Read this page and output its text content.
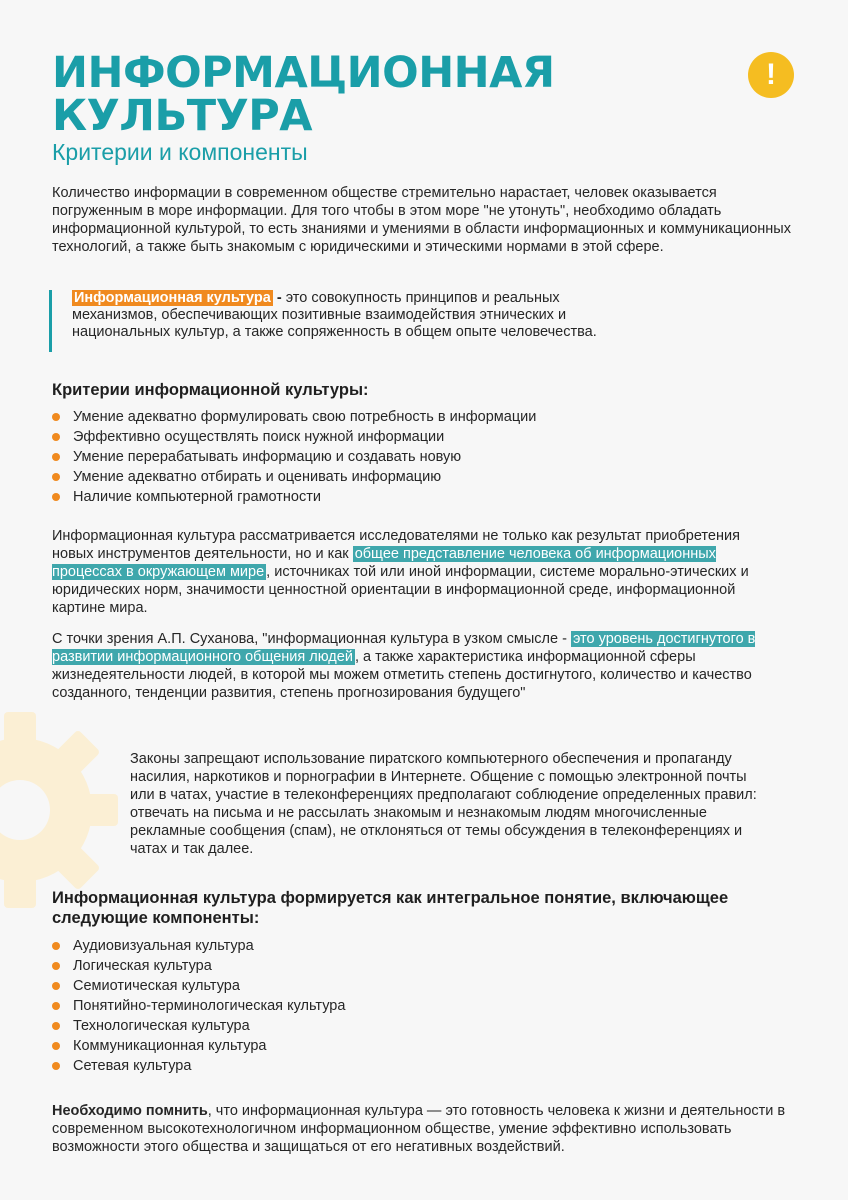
ИНФОРМАЦИОННАЯ
КУЛЬТУРА
Критерии и компоненты
!

Количество информации в современном обществе стремительно нарастает, человек оказывается погруженным в море информации. Для того чтобы в этом море "не утонуть", необходимо обладать информационной культурой, то есть знаниями и умениями в области информационных и коммуникационных технологий, а также быть знакомым с юридическими и этическими нормами в этой сфере.

Информационная культура - это совокупность принципов и реальных механизмов, обеспечивающих позитивные взаимодействия этнических и национальных культур, а также сопряженность в общем опыте человечества.
Критерии информационной культуры:
Умение адекватно формулировать свою потребность в информации
Эффективно осуществлять поиск нужной информации
Умение перерабатывать информацию и создавать новую
Умение адекватно отбирать и оценивать информацию
Наличие компьютерной грамотности

Информационная культура рассматривается исследователями не только как результат приобретения новых инструментов деятельности, но и как общее представление человека об информационных процессах в окружающем мире , источниках той или иной информации, системе морально-этических и юридических норм, значимости ценностной ориентации в информационной среде, информационной картине мира.

С точки зрения А.П. Суханова, "информационная культура в узком смысле - это уровень достигнутого в развитии информационного общения людей , а также характеристика информационной сферы жизнедеятельности людей, в которой мы можем отметить степень достигнутого, количество и качество созданного, тенденции развития, степень прогнозирования будущего"

Законы запрещают использование пиратского компьютерного обеспечения и пропаганду насилия, наркотиков и порнографии в Интернете. Общение с помощью электронной почты или в чатах, участие в телеконференциях предполагают соблюдение определенных правил: отвечать на письма и не рассылать знакомым и незнакомым людям многочисленные рекламные сообщения (спам), не отклоняться от темы обсуждения в телеконференциях и чатах и так далее.

Информационная культура формируется как интегральное понятие, включающее следующие компоненты:
Аудиовизуальная культура
Логическая культура
Семиотическая культура
Понятийно-терминологическая культура
Технологическая культура
Коммуникационная культура
Сетевая культура

Необходимо помнить, что информационная культура — это готовность человека к жизни и деятельности в современном высокотехнологичном информационном обществе, умение эффективно использовать возможности этого общества и защищаться от его негативных воздействий.
